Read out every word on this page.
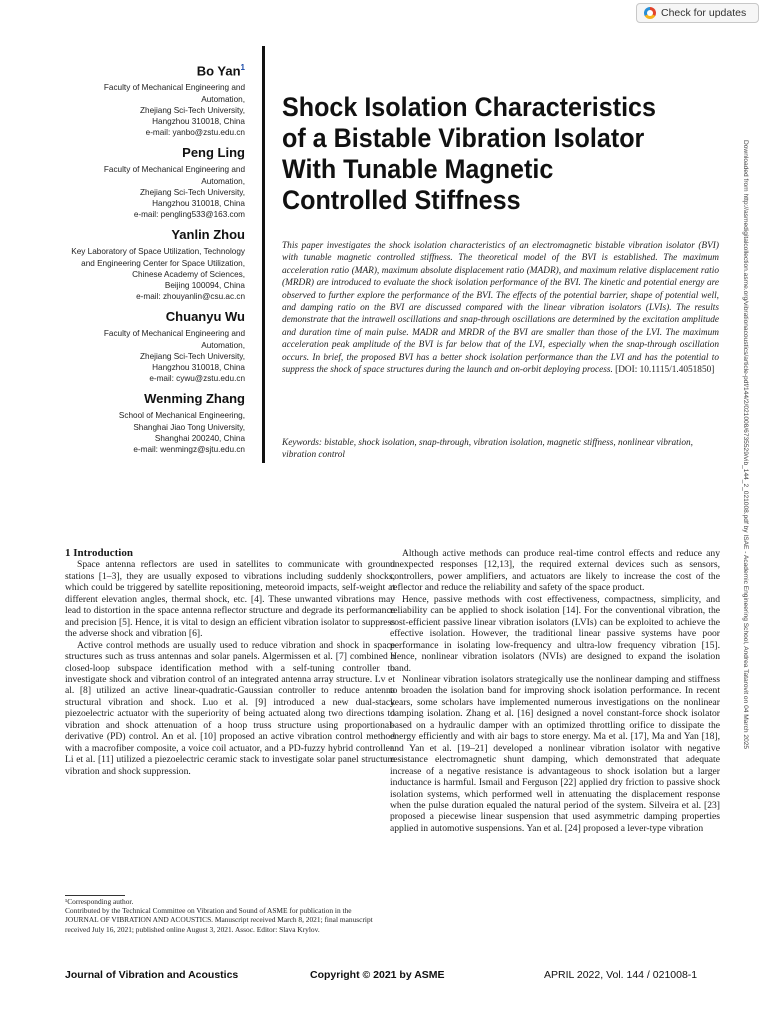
Check for updates
Bo Yan$^1$
Faculty of Mechanical Engineering and
Automation,
Zhejiang Sci-Tech University,
Hangzhou 310018, China
e-mail: yanbo@zstu.edu.cn
Peng Ling
Faculty of Mechanical Engineering and
Automation,
Zhejiang Sci-Tech University,
Hangzhou 310018, China
e-mail: pengling533@163.com
Yanlin Zhou
Key Laboratory of Space Utilization, Technology
and Engineering Center for Space Utilization,
Chinese Academy of Sciences,
Beijing 100094, China
e-mail: zhouyanlin@csu.ac.cn
Chuanyu Wu
Faculty of Mechanical Engineering and
Automation,
Zhejiang Sci-Tech University,
Hangzhou 310018, China
e-mail: cywu@zstu.edu.cn
Wenming Zhang
School of Mechanical Engineering,
Shanghai Jiao Tong University,
Shanghai 200240, China
e-mail: wenmingz@sjtu.edu.cn
Shock Isolation Characteristics of a Bistable Vibration Isolator With Tunable Magnetic Controlled Stiffness
This paper investigates the shock isolation characteristics of an electromagnetic bistable vibration isolator (BVI) with tunable magnetic controlled stiffness. The theoretical model of the BVI is established. The maximum acceleration ratio (MAR), maximum absolute displacement ratio (MADR), and maximum relative displacement ratio (MRDR) are introduced to evaluate the shock isolation performance of the BVI. The kinetic and potential energy are observed to further explore the performance of the BVI. The effects of the potential barrier, shape of potential well, and damping ratio on the BVI are discussed compared with the linear vibration isolators (LVIs). The results demonstrate that the intrawell oscillations and snap-through oscillations are determined by the excitation amplitude and duration time of main pulse. MADR and MRDR of the BVI are smaller than those of the LVI. The maximum acceleration peak amplitude of the BVI is far below that of the LVI, especially when the snap-through oscillation occurs. In brief, the proposed BVI has a better shock isolation performance than the LVI and has the potential to suppress the shock of space structures during the launch and on-orbit deploying process. [DOI: 10.1115/1.4051850]
Keywords: bistable, shock isolation, snap-through, vibration isolation, magnetic stiffness, nonlinear vibration, vibration control

1 Introduction

Space antenna reflectors are used in satellites to communicate with ground stations [1–3], they are usually exposed to vibrations including suddenly shocks, which could be triggered by satellite repositioning, meteoroid impacts, self-weight at different elevation angles, thermal shock, etc. [4]. These unwanted vibrations may lead to distortion in the space antenna reflector structure and degrade its performance and precision [5]. Hence, it is vital to design an efficient vibration isolator to suppress the adverse shock and vibration [6].

Active control methods are usually used to reduce vibration and shock in space structures such as truss antennas and solar panels. Algermissen et al. [7] combined a closed-loop subspace identification method with a self-tuning controller to investigate shock and vibration control of an integrated antenna array structure. Lv et al. [8] utilized an active linear-quadratic-Gaussian controller to reduce antenna structural vibration and shock. Luo et al. [9] introduced a new dual-stack piezoelectric actuator with the superiority of being actuated along two directions to vibration and shock attenuation of a hoop truss structure using proportional-derivative (PD) control. An et al. [10] proposed an active vibration control method with a macrofiber composite, a voice coil actuator, and a PD-fuzzy hybrid controller. Li et al. [11] utilized a piezoelectric ceramic stack to investigate solar panel structure vibration and shock suppression.

Although active methods can produce real-time control effects and reduce any unexpected responses [12,13], the required external devices such as sensors, controllers, power amplifiers, and actuators are likely to increase the cost of the reflector and reduce the reliability and safety of the space product.

Hence, passive methods with cost effectiveness, compactness, simplicity, and reliability can be applied to shock isolation [14]. For the conventional vibration, the cost-efficient passive linear vibration isolators (LVIs) can be exploited to achieve the effective isolation. However, the traditional linear passive systems have poor performance in isolating low-frequency and ultra-low frequency vibration [15]. Hence, nonlinear vibration isolators (NVIs) are designed to expand the isolation band.

Nonlinear vibration isolators strategically use the nonlinear damping and stiffness to broaden the isolation band for improving shock isolation performance. In recent years, some scholars have implemented numerous investigations on the nonlinear damping isolation. Zhang et al. [16] designed a novel constant-force shock isolator based on a hydraulic damper with an optimized throttling orifice to dissipate the energy efficiently and with air bags to store energy. Ma et al. [17], Ma and Yan [18], and Yan et al. [19–21] developed a nonlinear vibration isolator with negative resistance electromagnetic shunt damping, which demonstrated that adequate increase of a negative resistance is advantageous to shock isolation but a larger inductance is harmful. Ismail and Ferguson [22] applied dry friction to passive shock isolation systems, which performed well in attenuating the displacement response when the pulse duration equaled the natural period of the system. Silveira et al. [23] proposed a piecewise linear suspension that used asymmetric damping properties applied in automotive suspensions. Yan et al. [24] proposed a lever-type vibration

¹Corresponding author.

Contributed by the Technical Committee on Vibration and Sound of ASME for publication in the JOURNAL OF VIBRATION AND ACOUSTICS. Manuscript received March 8, 2021; final manuscript received July 16, 2021; published online August 3, 2021. Assoc. Editor: Slava Krylov.

Journal of Vibration and Acoustics	Copyright © 2021 by ASME	APRIL 2022, Vol. 144 / 021008-1
Downloaded from http://asmedigitalcollection.asme.org/vibrationacoustics/article-pdf/144/2/021008/6735529/vib_144_2_021008.pdf by ISAE - Academic Engineering School, Andrea Tatarovit on 04 March 2025
